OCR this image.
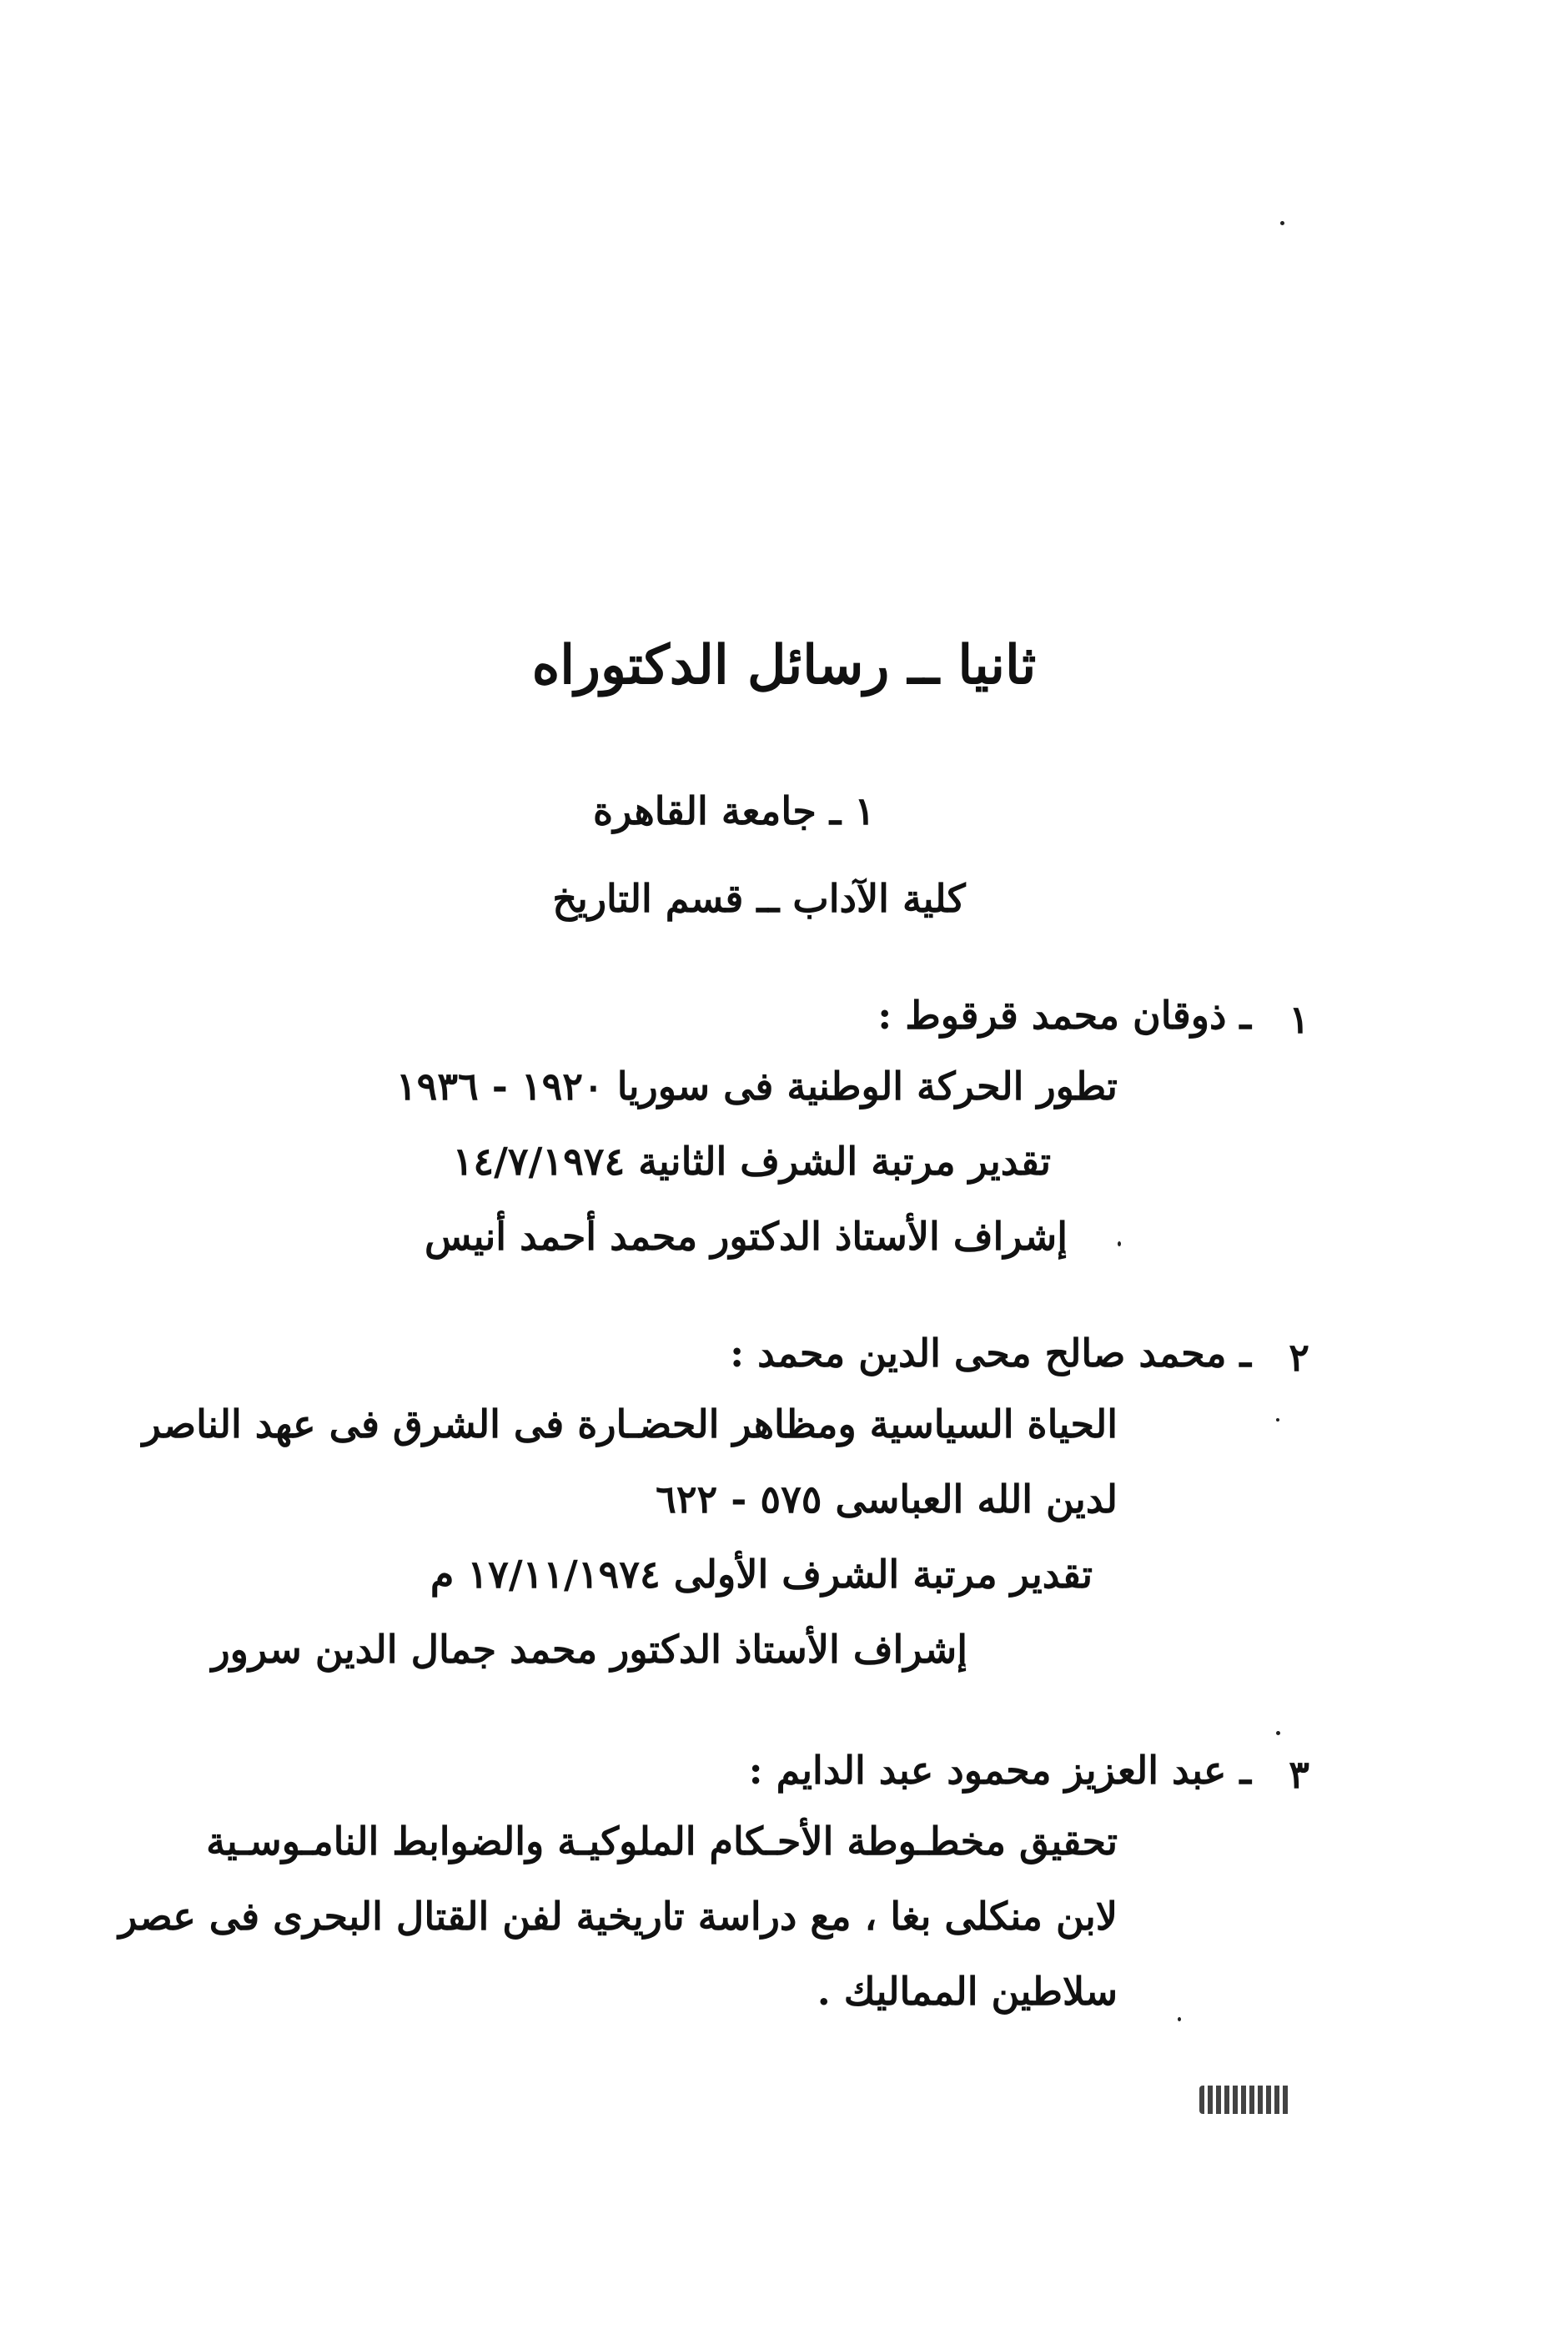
ثانيا ــ رسائل الدكتوراه
١ ـ جامعة القاهرة
كلية الآداب ــ قسم التاريخ
١
ـ ذوقان محمد قرقوط :
تطور الحركة الوطنية فى سوريا ١٩٢٠ - ١٩٣٦
تقدير مرتبة الشرف الثانية ١٤/٧/١٩٧٤
إشراف الأستاذ الدكتور محمد أحمد أنيس
٢
ـ محمد صالح محى الدين محمد :
الحياة السياسية ومظاهر الحضـارة فى الشرق فى عهد الناصر
لدين الله العباسى ٥٧٥ - ٦٢٢
تقدير مرتبة الشرف الأولى ١٧/١١/١٩٧٤ م
إشراف الأستاذ الدكتور محمد جمال الدين سرور
٣
ـ عبد العزيز محمود عبد الدايم :
تحقيق مخطـوطة الأحـكام الملوكيـة والضوابط النامـوسـية
لابن منكلى بغا ، مع دراسة تاريخية لفن القتال البحرى فى عصر
سلاطين المماليك .
